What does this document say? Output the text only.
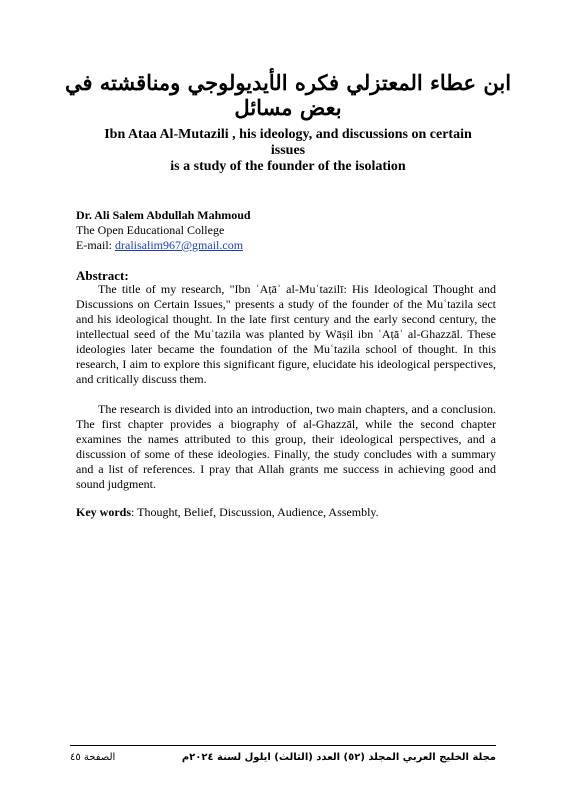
ابن عطاء المعتزلي فكره الأيديولوجي ومناقشته في بعض مسائل
Ibn Ataa Al-Mutazili , his ideology, and discussions on certain
issues
is a study of the founder of the isolation
Dr. Ali Salem Abdullah Mahmoud
The Open Educational College
E-mail: dralisalim967@gmail.com
Abstract:

The title of my research, "Ibn ʿAṭāʾ al-Muʿtazilī: His Ideological Thought and Discussions on Certain Issues," presents a study of the founder of the Muʿtazila sect and his ideological thought. In the late first century and the early second century, the intellectual seed of the Muʿtazila was planted by Wāṣil ibn ʿAṭāʾ al-Ghazzāl. These ideologies later became the foundation of the Muʿtazila school of thought. In this research, I aim to explore this significant figure, elucidate his ideological perspectives, and critically discuss them.

The research is divided into an introduction, two main chapters, and a conclusion. The first chapter provides a biography of al-Ghazzāl, while the second chapter examines the names attributed to this group, their ideological perspectives, and a discussion of some of these ideologies. Finally, the study concludes with a summary and a list of references. I pray that Allah grants me success in achieving good and sound judgment.

Key words: Thought, Belief, Discussion, Audience, Assembly.
مجلة الخليج العربي المجلد (٥٢) العدد (الثالث) ايلول لسنة ٢٠٢٤م
الصفحة ٤٥
